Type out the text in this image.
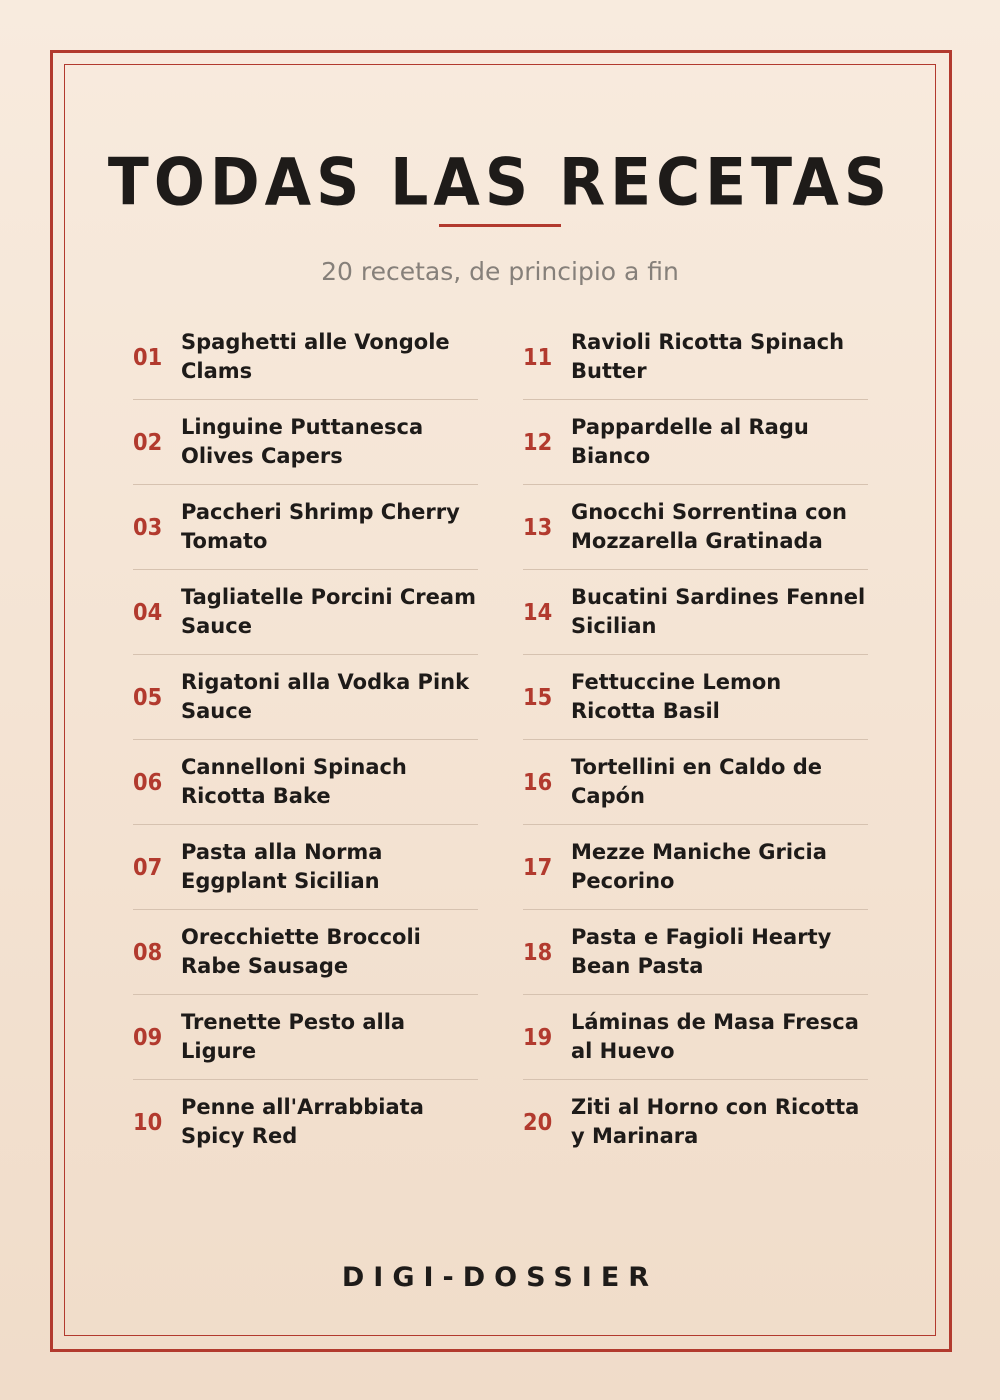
TODAS LAS RECETAS
20 recetas, de principio a fin
01
Spaghetti alle Vongole Clams
02
Linguine Puttanesca Olives Capers
03
Paccheri Shrimp Cherry Tomato
04
Tagliatelle Porcini Cream Sauce
05
Rigatoni alla Vodka Pink Sauce
06
Cannelloni Spinach Ricotta Bake
07
Pasta alla Norma Eggplant Sicilian
08
Orecchiette Broccoli Rabe Sausage
09
Trenette Pesto alla Ligure
10
Penne all'Arrabbiata Spicy Red
11
Ravioli Ricotta Spinach Butter
12
Pappardelle al Ragu Bianco
13
Gnocchi Sorrentina con Mozzarella Gratinada
14
Bucatini Sardines Fennel Sicilian
15
Fettuccine Lemon Ricotta Basil
16
Tortellini en Caldo de Capón
17
Mezze Maniche Gricia Pecorino
18
Pasta e Fagioli Hearty Bean Pasta
19
Láminas de Masa Fresca al Huevo
20
Ziti al Horno con Ricotta y Marinara
DIGI-DOSSIER
